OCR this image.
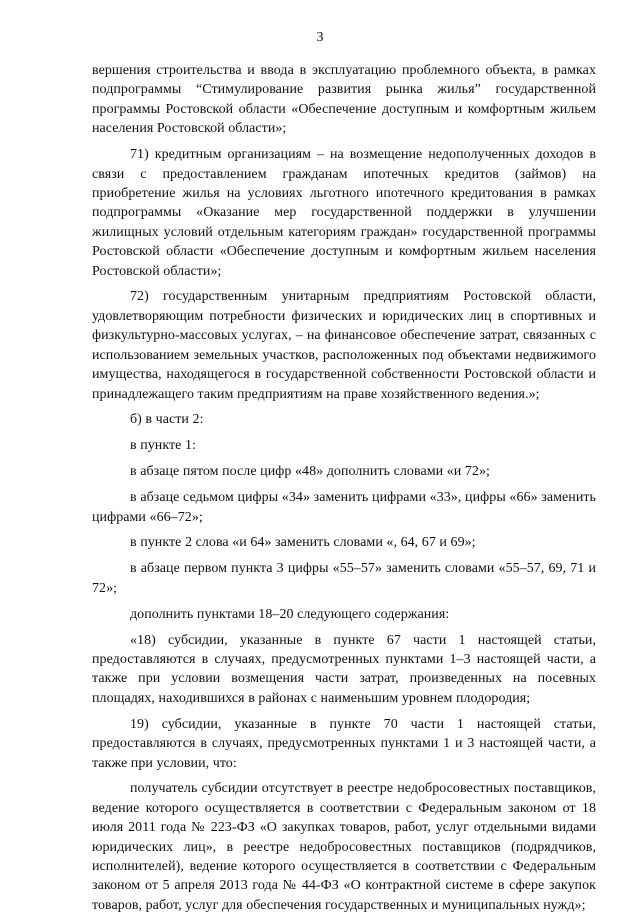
3

вершения строительства и ввода в эксплуатацию проблемного объекта, в рамках подпрограммы “Стимулирование развития рынка жилья” государственной программы Ростовской области «Обеспечение доступным и комфортным жильем населения Ростовской области»;

71) кредитным организациям – на возмещение недополученных доходов в связи с предоставлением гражданам ипотечных кредитов (займов) на приобретение жилья на условиях льготного ипотечного кредитования в рамках подпрограммы «Оказание мер государственной поддержки в улучшении жилищных условий отдельным категориям граждан» государственной программы Ростовской области «Обеспечение доступным и комфортным жильем населения Ростовской области»;

72) государственным унитарным предприятиям Ростовской области, удовлетворяющим потребности физических и юридических лиц в спортивных и физкультурно-массовых услугах, – на финансовое обеспечение затрат, связанных с использованием земельных участков, расположенных под объектами недвижимого имущества, находящегося в государственной собственности Ростовской области и принадлежащего таким предприятиям на праве хозяйственного ведения.»;

б) в части 2:

в пункте 1:

в абзаце пятом после цифр «48» дополнить словами «и 72»;

в абзаце седьмом цифры «34» заменить цифрами «33», цифры «66» заменить цифрами «66–72»;

в пункте 2 слова «и 64» заменить словами «, 64, 67 и 69»;

в абзаце первом пункта 3 цифры «55–57» заменить словами «55–57, 69, 71 и 72»;

дополнить пунктами 18–20 следующего содержания:

«18) субсидии, указанные в пункте 67 части 1 настоящей статьи, предоставляются в случаях, предусмотренных пунктами 1–3 настоящей части, а также при условии возмещения части затрат, произведенных на посевных площадях, находившихся в районах с наименьшим уровнем плодородия;

19) субсидии, указанные в пункте 70 части 1 настоящей статьи, предоставляются в случаях, предусмотренных пунктами 1 и 3 настоящей части, а также при условии, что:

получатель субсидии отсутствует в реестре недобросовестных поставщиков, ведение которого осуществляется в соответствии с Федеральным законом от 18 июля 2011 года № 223-ФЗ «О закупках товаров, работ, услуг отдельными видами юридических лиц», в реестре недобросовестных поставщиков (подрядчиков, исполнителей), ведение которого осуществляется в соответствии с Федеральным законом от 5 апреля 2013 года № 44-ФЗ «О контрактной системе в сфере закупок товаров, работ, услуг для обеспечения государственных и муниципальных нужд»;
